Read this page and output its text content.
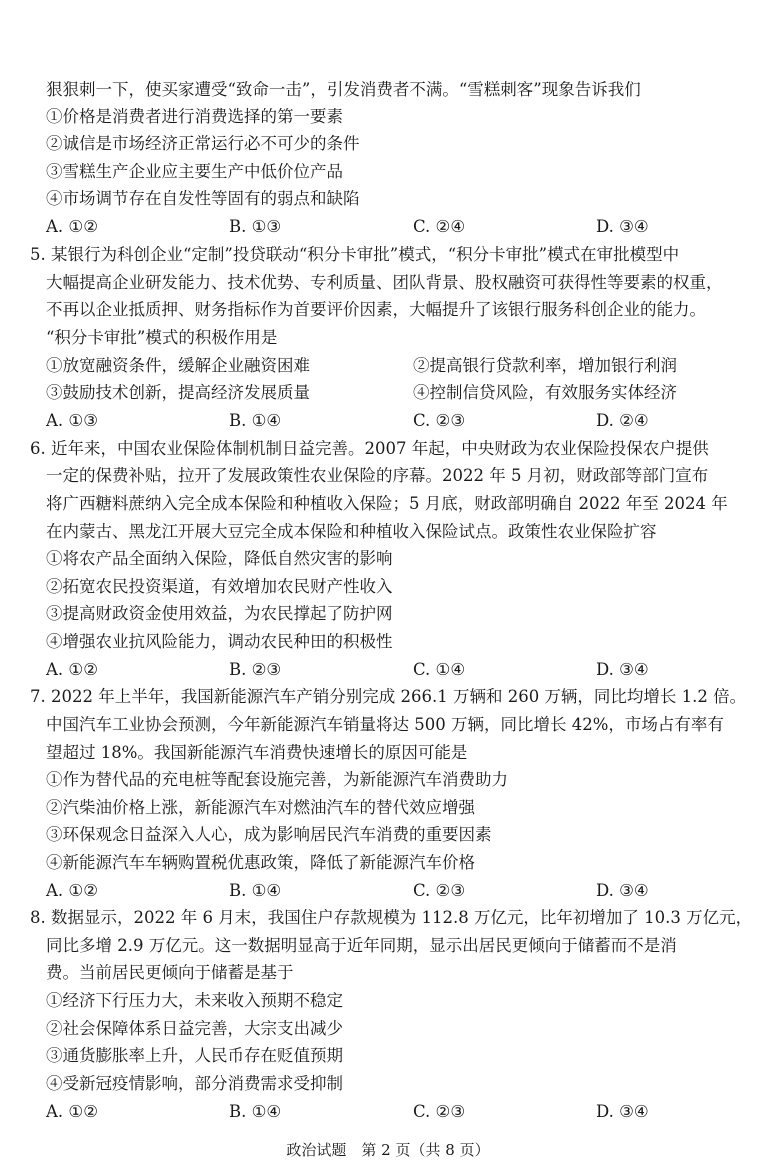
狠狠刺一下，使买家遭受“致命一击”，引发消费者不满。“雪糕刺客”现象告诉我们
①价格是消费者进行消费选择的第一要素
②诚信是市场经济正常运行必不可少的条件
③雪糕生产企业应主要生产中低价位产品
④市场调节存在自发性等固有的弱点和缺陷
A. ①②	B. ①③	C. ②④	D. ③④
5. 某银行为科创企业“定制”投贷联动“积分卡审批”模式，“积分卡审批”模式在审批模型中
大幅提高企业研发能力、技术优势、专利质量、团队背景、股权融资可获得性等要素的权重，
不再以企业抵质押、财务指标作为首要评价因素，大幅提升了该银行服务科创企业的能力。
“积分卡审批”模式的积极作用是
①放宽融资条件，缓解企业融资困难	②提高银行贷款利率，增加银行利润
③鼓励技术创新，提高经济发展质量	④控制信贷风险，有效服务实体经济
A. ①③	B. ①④	C. ②③	D. ②④
6. 近年来，中国农业保险体制机制日益完善。2007 年起，中央财政为农业保险投保农户提供
一定的保费补贴，拉开了发展政策性农业保险的序幕。2022 年 5 月初，财政部等部门宣布
将广西糖料蔗纳入完全成本保险和种植收入保险；5 月底，财政部明确自 2022 年至 2024 年
在内蒙古、黑龙江开展大豆完全成本保险和种植收入保险试点。政策性农业保险扩容
①将农产品全面纳入保险，降低自然灾害的影响
②拓宽农民投资渠道，有效增加农民财产性收入
③提高财政资金使用效益，为农民撑起了防护网
④增强农业抗风险能力，调动农民种田的积极性
A. ①②	B. ②③	C. ①④	D. ③④
7. 2022 年上半年，我国新能源汽车产销分别完成 266.1 万辆和 260 万辆，同比均增长 1.2 倍。
中国汽车工业协会预测，今年新能源汽车销量将达 500 万辆，同比增长 42%，市场占有率有
望超过 18%。我国新能源汽车消费快速增长的原因可能是
①作为替代品的充电桩等配套设施完善，为新能源汽车消费助力
②汽柴油价格上涨，新能源汽车对燃油汽车的替代效应增强
③环保观念日益深入人心，成为影响居民汽车消费的重要因素
④新能源汽车车辆购置税优惠政策，降低了新能源汽车价格
A. ①②	B. ①④	C. ②③	D. ③④
8. 数据显示，2022 年 6 月末，我国住户存款规模为 112.8 万亿元，比年初增加了 10.3 万亿元，
同比多增 2.9 万亿元。这一数据明显高于近年同期，显示出居民更倾向于储蓄而不是消
费。当前居民更倾向于储蓄是基于
①经济下行压力大，未来收入预期不稳定
②社会保障体系日益完善，大宗支出减少
③通货膨胀率上升，人民币存在贬值预期
④受新冠疫情影响，部分消费需求受抑制
A. ①②	B. ①④	C. ②③	D. ③④
政治试题　第 2 页（共 8 页）
